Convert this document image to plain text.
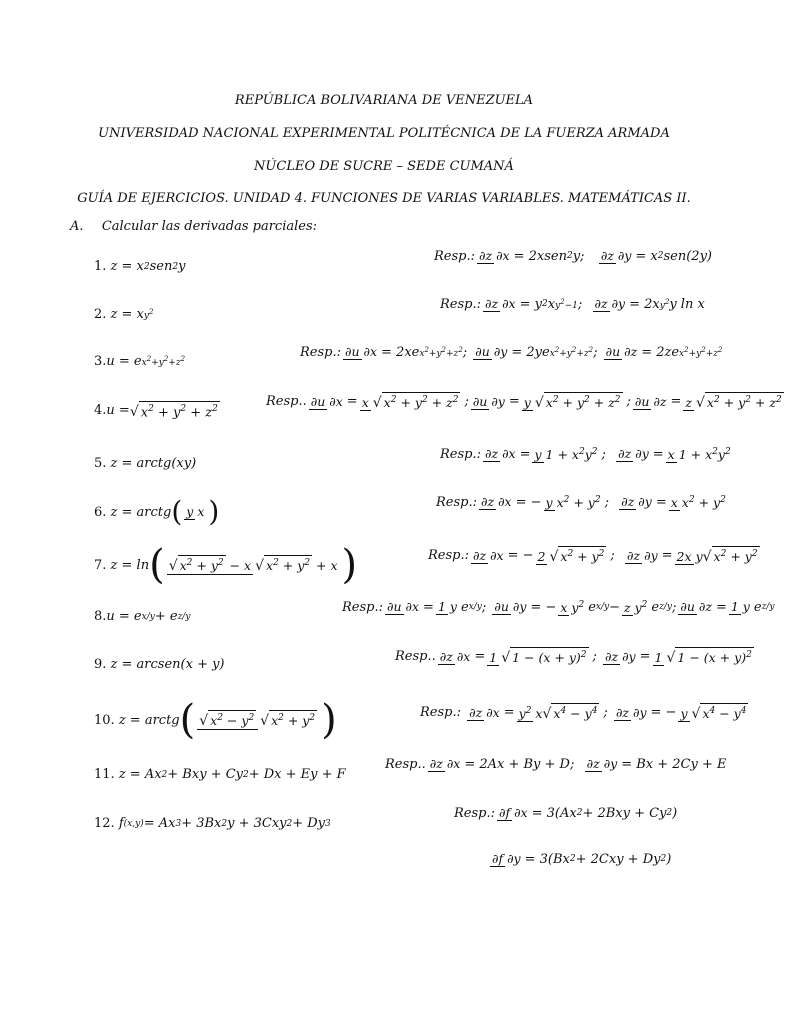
REPÚBLICA BOLIVARIANA DE VENEZUELA
UNIVERSIDAD NACIONAL EXPERIMENTAL POLITÉCNICA DE LA FUERZA ARMADA
NÚCLEO DE SUCRE – SEDE CUMANÁ
GUÍA DE EJERCICIOS. UNIDAD 4. FUNCIONES DE VARIAS VARIABLES. MATEMÁTICAS II.
A. Calcular las derivadas parciales:
1. z = x 2 sen 2 y
Resp.: ∂z ∂x = 2xsen 2 y; ∂z ∂y = x 2 sen(2y)
2. z = x $y^2$
Resp.: ∂z ∂x = y 2 x $y^2-1$ ; ∂z ∂y = 2x $y^2$ y ln x
3. u = e $x^2+y^2+z^2$	Resp.: ∂u ∂x = 2xe $x^2+y^2+z^2$ ; ∂u ∂y = 2ye $x^2+y^2+z^2$ ; ∂u ∂z = 2ze $x^2+y^2+z^2$
4. u = √ $x^2 + y^2 + z^2$	Resp.. ∂u ∂x = x √ $x^2 + y^2 + z^2$ ; ∂u ∂y = y √ $x^2 + y^2 + z^2$ ; ∂u ∂z = z √ $x^2 + y^2 + z^2$
5. z = arctg(xy)
Resp.: ∂z ∂x = y $1 + x^2y^2$ ; ∂z ∂y = x $1 + x^2y^2$
6. z = arctg ( y x )	Resp.: ∂z ∂x = − y $x^2 + y^2$ ; ∂z ∂y = x $x^2 + y^2$
7. z = ln ( √ $x^2 + y^2 - x$ √ $x^2 + y^2 + x$ )	Resp.: ∂z ∂x = − 2 √ $x^2 + y^2$ ; ∂z ∂y = 2x y√ $x^2 + y^2$
8. u = e x/y + e z/y
Resp.: ∂u ∂x = 1 y e x/y ; ∂u ∂y = − x $y^2$ e x/y − z $y^2$ e z/y ; ∂u ∂z = 1 y e z/y
9. z = arcsen(x + y)
Resp.. ∂z ∂x = 1 √ $1 - (x + y)^2$ ; ∂z ∂y = 1 √ $1 - (x + y)^2$
10. z = arctg ( √ $x^2 - y^2$ √ $x^2 + y^2$ )	Resp.:
∂z $\partial x = y^2$ x√ $x^4 - y^4$ ; ∂z ∂y = − y √ $x^4 - y^4$
11. z = Ax 2 + Bxy + Cy 2 + Dx + Ey + F
Resp.. ∂z ∂x = 2Ax + By + D; ∂z ∂y = Bx + 2Cy + E
12. f (x,y) = Ax 3 + 3Bx 2 y + 3Cxy 2 + Dy 3
Resp.: ∂f ∂x = 3(Ax 2 + 2Bxy + Cy 2 )
∂f ∂y = 3(Bx 2 + 2Cxy + Dy 2 )
